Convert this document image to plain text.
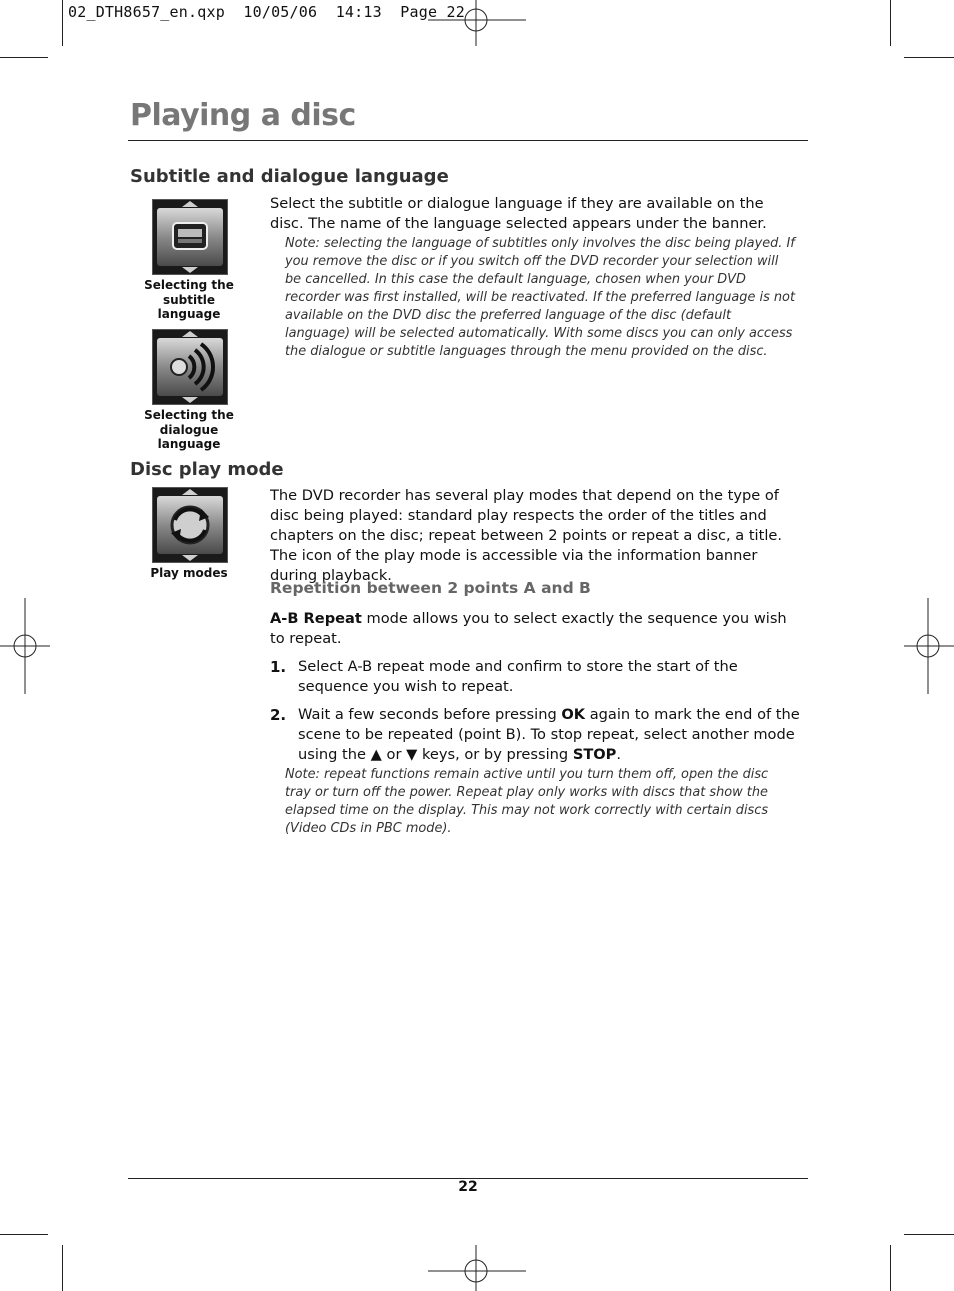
02_DTH8657_en.qxp  10/05/06  14:13  Page 22
Playing a disc
Subtitle and dialogue language
Selecting the
subtitle language
Selecting the
dialogue language
Select the subtitle or dialogue language if they are available on the disc. The name of the language selected appears under the banner.
Note: selecting the language of subtitles only involves the disc being played. If you remove the disc or if you switch off the DVD recorder your selection will be cancelled. In this case the default language, chosen when your DVD recorder was first installed, will be reactivated. If the preferred language is not available on the DVD disc the preferred language of the disc (default language) will be selected automatically. With some discs you can only access the dialogue or subtitle languages through the menu provided on the disc.
Disc play mode
Play modes
The DVD recorder has several play modes that depend on the type of disc being played: standard play respects the order of the titles and chapters on the disc; repeat between 2 points or repeat a disc, a title. The icon of the play mode is accessible via the information banner during playback.
Repetition between 2 points A and B
A-B Repeat mode allows you to select exactly the sequence you wish to repeat.
1. Select A-B repeat mode and confirm to store the start of the sequence you wish to repeat.
2. Wait a few seconds before pressing OK again to mark the end of the scene to be repeated (point B). To stop repeat, select another mode using the ▲ or ▼ keys, or by pressing STOP.
Note: repeat functions remain active until you turn them off, open the disc tray or turn off the power. Repeat play only works with discs that show the elapsed time on the display. This may not work correctly with certain discs (Video CDs in PBC mode).
22
